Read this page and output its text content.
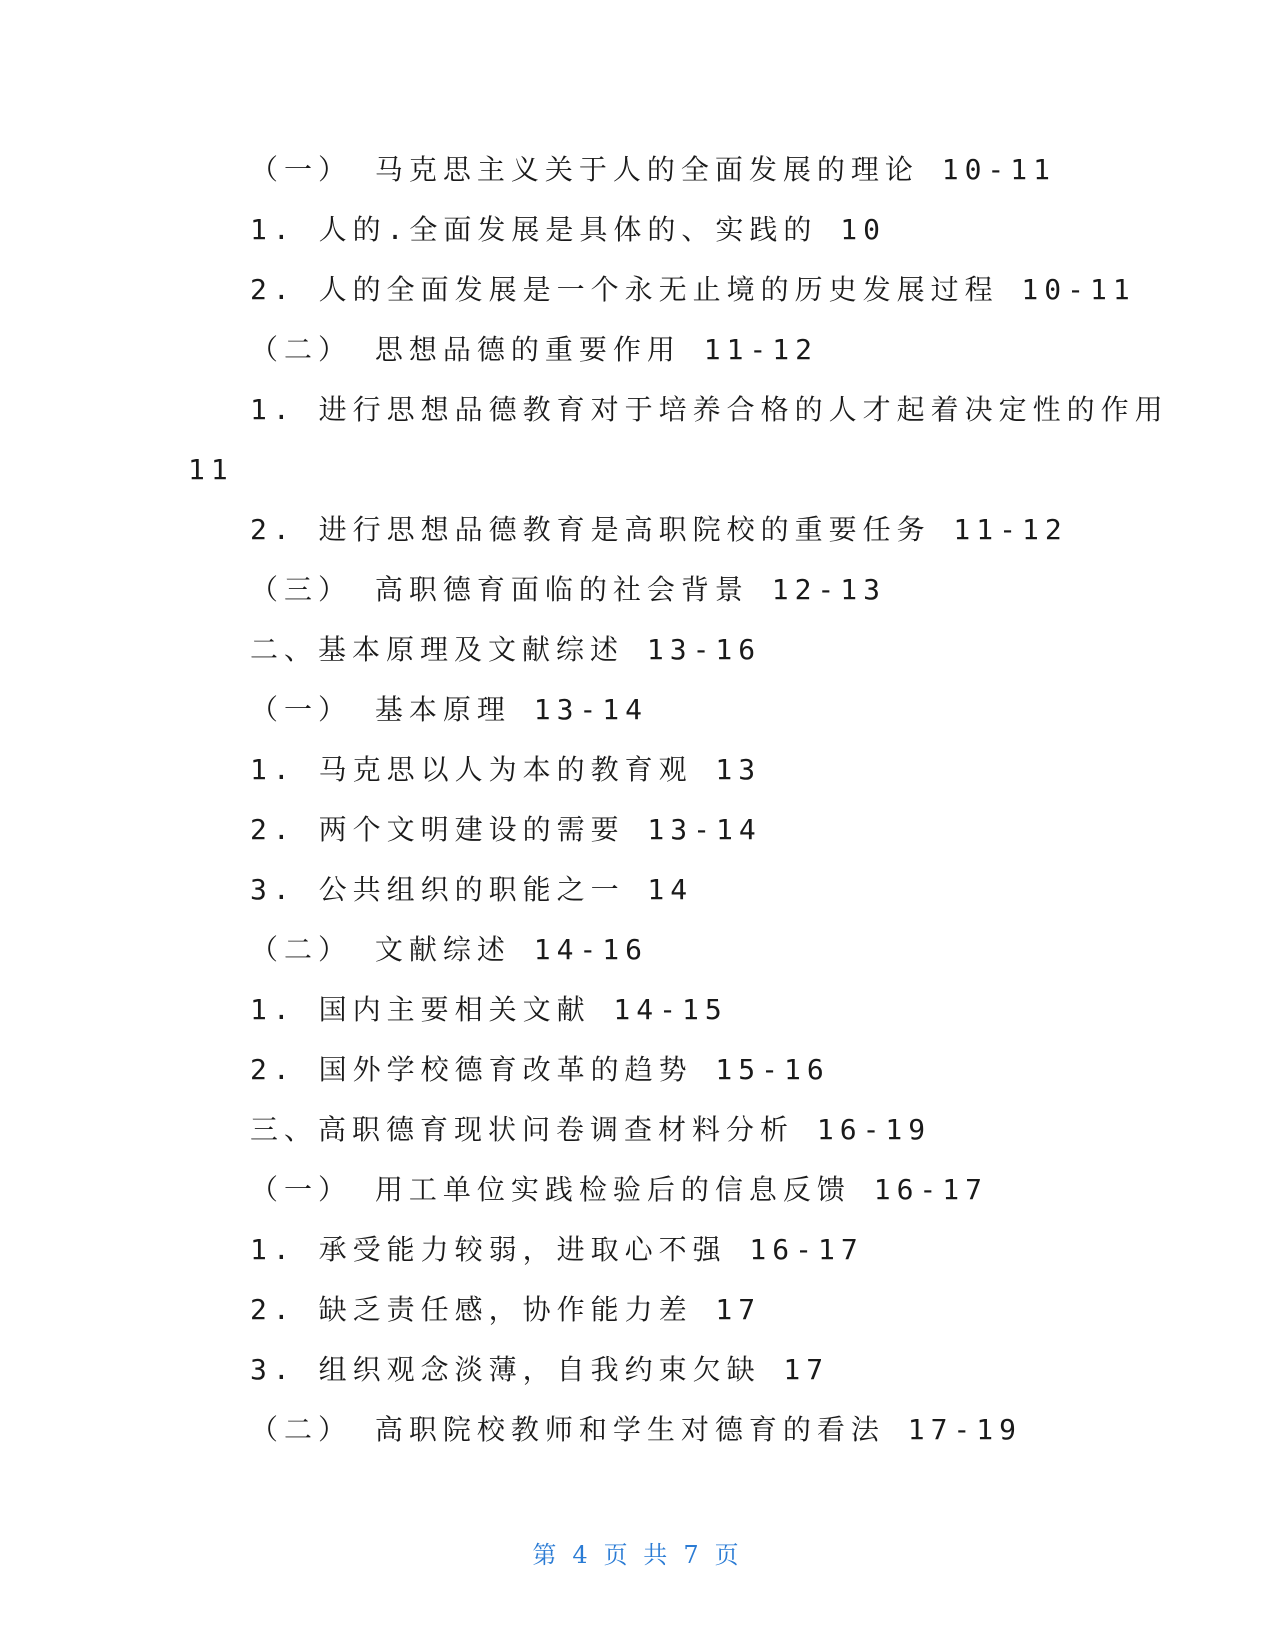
（一） 马克思主义关于人的全面发展的理论 10-11
1. 人的.全面发展是具体的、实践的 10
2. 人的全面发展是一个永无止境的历史发展过程 10-11
（二） 思想品德的重要作用 11-12
1. 进行思想品德教育对于培养合格的人才起着决定性的作用
11
2. 进行思想品德教育是高职院校的重要任务 11-12
（三） 高职德育面临的社会背景 12-13
二、基本原理及文献综述 13-16
（一） 基本原理 13-14
1. 马克思以人为本的教育观 13
2. 两个文明建设的需要 13-14
3. 公共组织的职能之一 14
（二） 文献综述 14-16
1. 国内主要相关文献 14-15
2. 国外学校德育改革的趋势 15-16
三、高职德育现状问卷调查材料分析 16-19
（一） 用工单位实践检验后的信息反馈 16-17
1. 承受能力较弱，进取心不强 16-17
2. 缺乏责任感，协作能力差 17
3. 组织观念淡薄，自我约束欠缺 17
（二） 高职院校教师和学生对德育的看法 17-19
第 4 页 共 7 页
